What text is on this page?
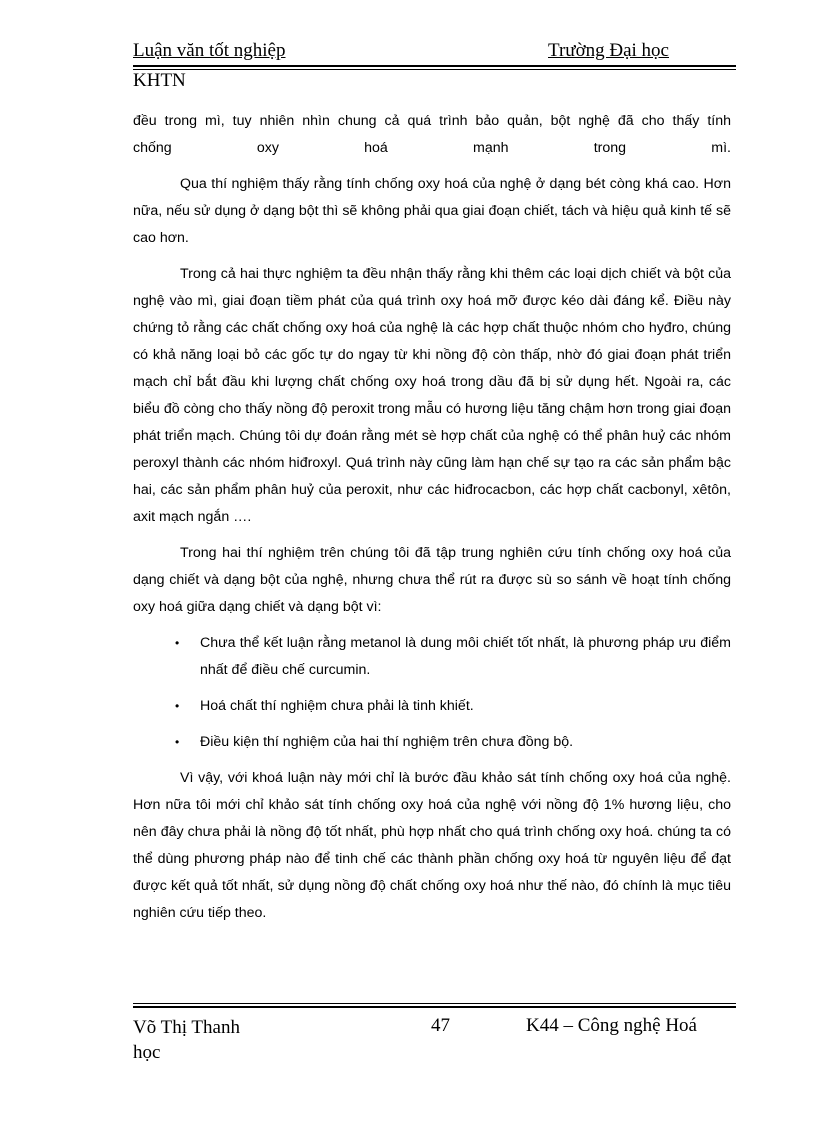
Luận văn tốt nghiệp	Trường Đại học
KHTN
đều trong mì, tuy nhiên nhìn chung cả quá trình bảo quản, bột nghệ đã cho thấy tính
chống oxy hoá mạnh trong mì.

Qua thí nghiệm thấy rằng tính chống oxy hoá của nghệ ở dạng bét còng khá cao. Hơn nữa, nếu sử dụng ở dạng bột thì sẽ không phải qua giai đoạn chiết, tách và hiệu quả kinh tế sẽ cao hơn.

Trong cả hai thực nghiệm ta đều nhận thấy rằng khi thêm các loại dịch chiết và bột của nghệ vào mì, giai đoạn tiềm phát của quá trình oxy hoá mỡ được kéo dài đáng kể. Điều này chứng tỏ rằng các chất chống oxy hoá của nghệ là các hợp chất thuộc nhóm cho hyđro, chúng có khả năng loại bỏ các gốc tự do ngay từ khi nồng độ còn thấp, nhờ đó giai đoạn phát triển mạch chỉ bắt đầu khi lượng chất chống oxy hoá trong dầu đã bị sử dụng hết. Ngoài ra, các biểu đồ còng cho thấy nồng độ peroxit trong mẫu có hương liệu tăng chậm hơn trong giai đoạn phát triển mạch. Chúng tôi dự đoán rằng mét sè hợp chất của nghệ có thể phân huỷ các nhóm peroxyl thành các nhóm hiđroxyl. Quá trình này cũng làm hạn chế sự tạo ra các sản phẩm bậc hai, các sản phẩm phân huỷ của peroxit, như các hiđrocacbon, các hợp chất cacbonyl, xêtôn, axit mạch ngắn ….

Trong hai thí nghiệm trên chúng tôi đã tập trung nghiên cứu tính chống oxy hoá của dạng chiết và dạng bột của nghệ, nhưng chưa thể rút ra được sù so sánh về hoạt tính chống oxy hoá giữa dạng chiết và dạng bột vì:

• Chưa thể kết luận rằng metanol là dung môi chiết tốt nhất, là phương pháp ưu điểm nhất để điều chế curcumin.
• Hoá chất thí nghiệm chưa phải là tinh khiết.
• Điều kiện thí nghiệm của hai thí nghiệm trên chưa đồng bộ.

Vì vậy, với khoá luận này mới chỉ là bước đầu khảo sát tính chống oxy hoá của nghệ. Hơn nữa tôi mới chỉ khảo sát tính chống oxy hoá của nghệ với nồng độ 1% hương liệu, cho nên đây chưa phải là nồng độ tốt nhất, phù hợp nhất cho quá trình chống oxy hoá. chúng ta có thể dùng phương pháp nào để tinh chế các thành phần chống oxy hoá từ nguyên liệu để đạt được kết quả tốt nhất, sử dụng nồng độ chất chống oxy hoá như thế nào, đó chính là mục tiêu nghiên cứu tiếp theo.

Võ Thị Thanh học
47	K44 – Công nghệ Hoá
